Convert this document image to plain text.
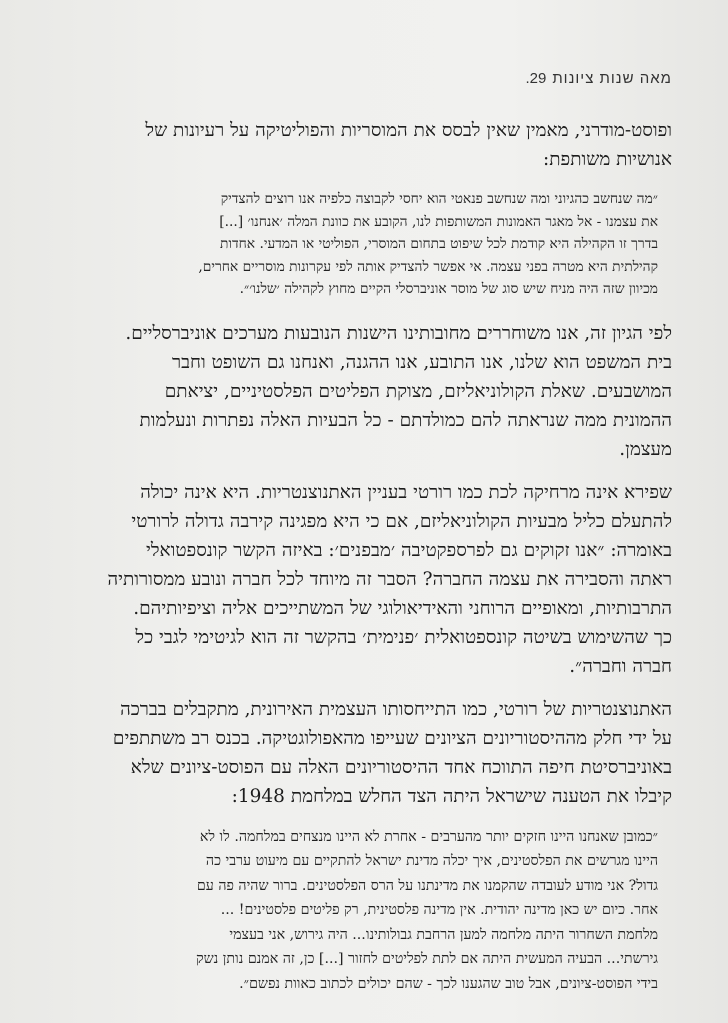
מאה שנות ציונות
29.
ופוסט-מודרני, מאמין שאין לבסס את המוסריות והפוליטיקה על רעיונות של
אנושיות משותפת:
״מה שנחשב כהגיוני ומה שנחשב פנאטי הוא יחסי לקבוצה כלפיה אנו רוצים להצדיק
את עצמנו - אל מאגר האמונות המשותפות לנו, הקובע את כוונת המלה ׳אנחנו׳ [...]
בדרך זו הקהילה היא קודמת לכל שיפוט בתחום המוסרי, הפוליטי או המדעי. אחדות
קהילתית היא מטרה בפני עצמה. אי אפשר להצדיק אותה לפי עקרונות מוסריים אחרים,
מכיוון שזה היה מניח שיש סוג של מוסר אוניברסלי הקיים מחוץ לקהילה ׳שלנו׳״.
לפי הגיון זה, אנו משוחררים מחובותינו הישנות הנובעות מערכים אוניברסליים.
בית המשפט הוא שלנו, אנו התובע, אנו ההגנה, ואנחנו גם השופט וחבר
המושבעים. שאלת הקולוניאליזם, מצוקת הפליטים הפלסטיניים, יציאתם
ההמונית ממה שנראתה להם כמולדתם - כל הבעיות האלה נפתרות ונעלמות
מעצמן.
שפירא אינה מרחיקה לכת כמו רורטי בעניין האתנוצנטריות. היא אינה יכולה
להתעלם כליל מבעיות הקולוניאליזם, אם כי היא מפגינה קירבה גדולה לרורטי
באומרה: ״אנו זקוקים גם לפרספקטיבה ׳מבפנים׳: באיזה הקשר קונספטואלי
ראתה והסבירה את עצמה החברה? הסבר זה מיוחד לכל חברה ונובע ממסורותיה
התרבותיות, ומאופיים הרוחני והאידיאולוגי של המשתייכים אליה וציפיותיהם.
כך שהשימוש בשיטה קונספטואלית ׳פנימית׳ בהקשר זה הוא לגיטימי לגבי כל
חברה וחברה״.
האתנוצנטריות של רורטי, כמו התייחסותו העצמית האירונית, מתקבלים בברכה
על ידי חלק מההיסטוריונים הציונים שעייפו מהאפולוגטיקה. בכנס רב משתתפים
באוניברסיטת חיפה התווכח אחד ההיסטוריונים האלה עם הפוסט-ציונים שלא
קיבלו את הטענה שישראל היתה הצד החלש במלחמת 1948:
״כמובן שאנחנו היינו חזקים יותר מהערבים - אחרת לא היינו מנצחים במלחמה. לו לא
היינו מגרשים את הפלסטינים, איך יכלה מדינת ישראל להתקיים עם מיעוט ערבי כה
גדול? אני מודע לעובדה שהקמנו את מדינתנו על הרס הפלסטינים. ברור שהיה פה עם
אחר. כיום יש כאן מדינה יהודית. אין מדינה פלסטינית, רק פליטים פלסטינים! ...
מלחמת השחרור היתה מלחמה למען הרחבת גבולותינו... היה גירוש, אני בעצמי
גירשתי... הבעיה המעשית היתה אם לתת לפליטים לחזור [...] כן, זה אמנם נותן נשק
בידי הפוסט-ציונים, אבל טוב שהגענו לכך - שהם יכולים לכתוב כאוות נפשם״.
